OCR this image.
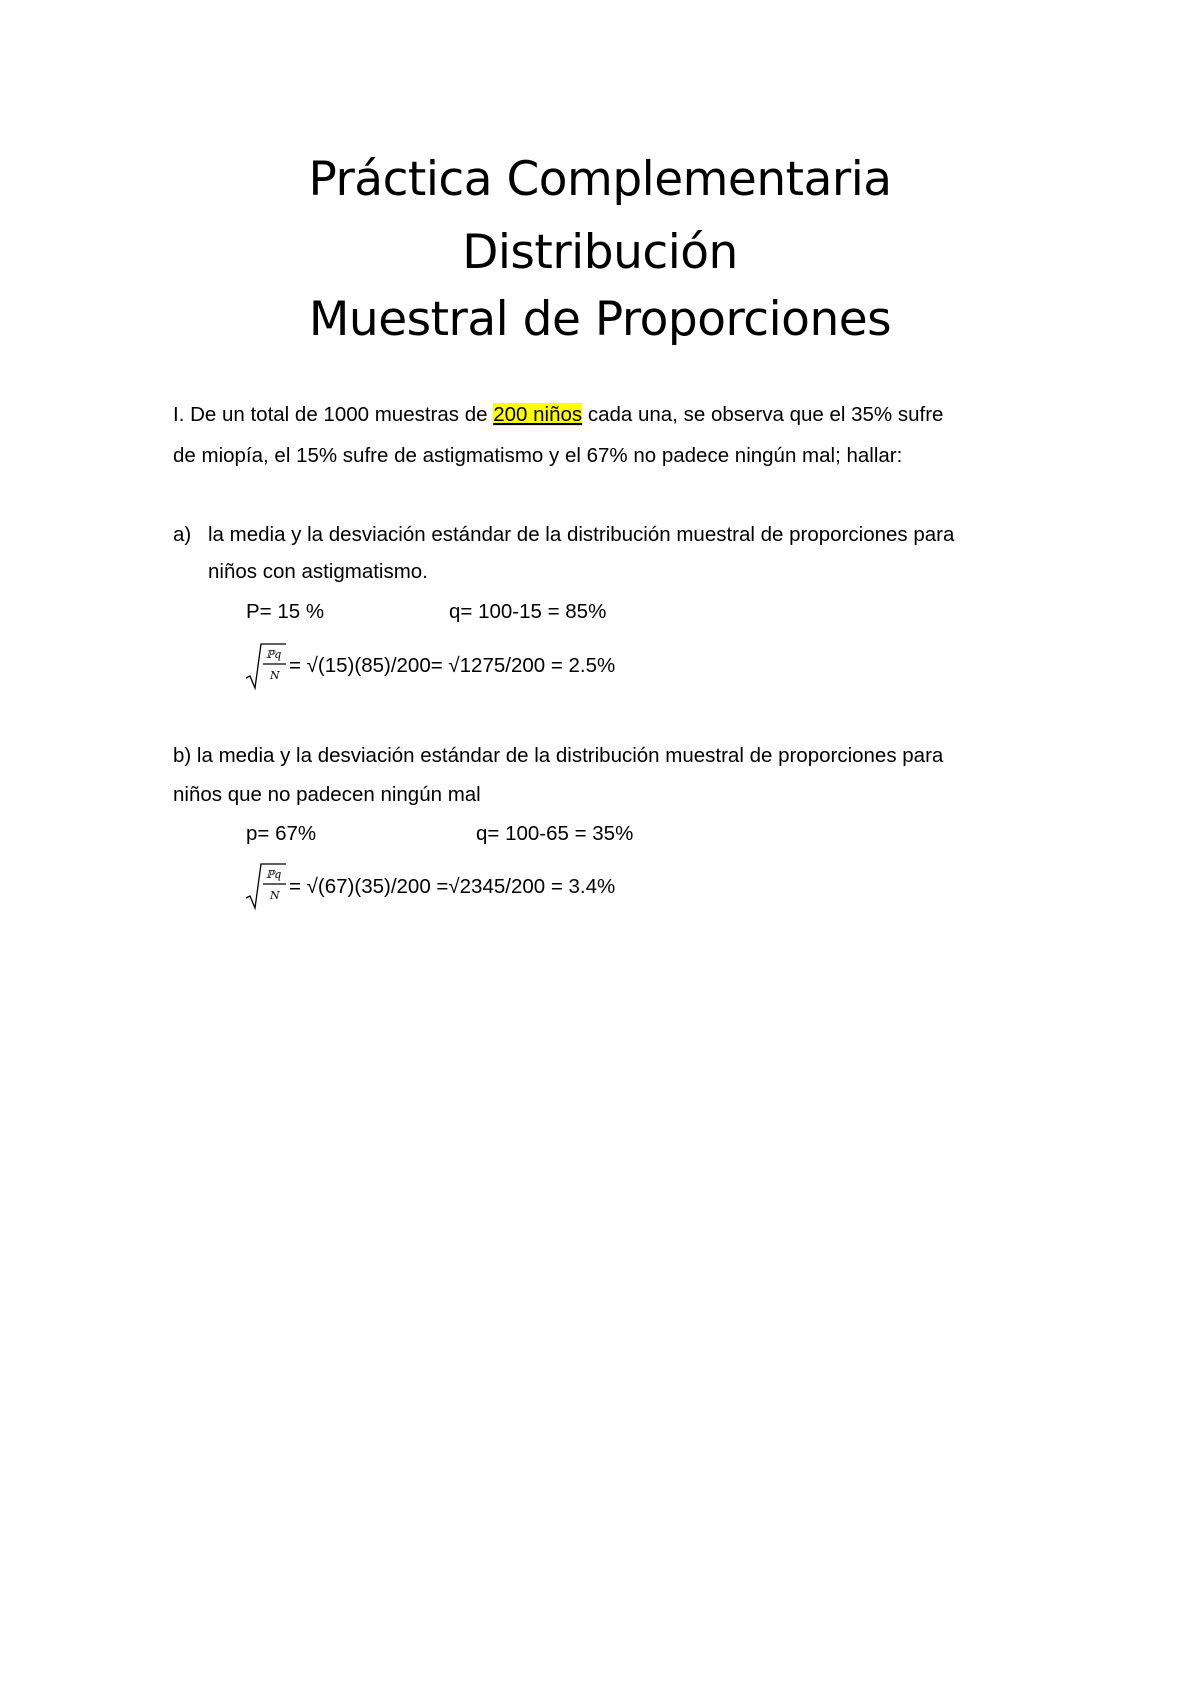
Práctica Complementaria
Distribución
Muestral de Proporciones
I. De un total de 1000 muestras de 200 niños cada una, se observa que el 35% sufre
de miopía, el 15% sufre de astigmatismo y el 67% no padece ningún mal; hallar:
a) la media y la desviación estándar de la distribución muestral de proporciones para
niños con astigmatismo.
P= 15 %	q= 100-15 = 85%
ℙq
N = √(15)(85)/200= √1275/200 = 2.5%
b) la media y la desviación estándar de la distribución muestral de proporciones para
niños que no padecen ningún mal
p= 67%	q= 100-65 = 35%
ℙq
N = √(67)(35)/200 =√2345/200 = 3.4%
